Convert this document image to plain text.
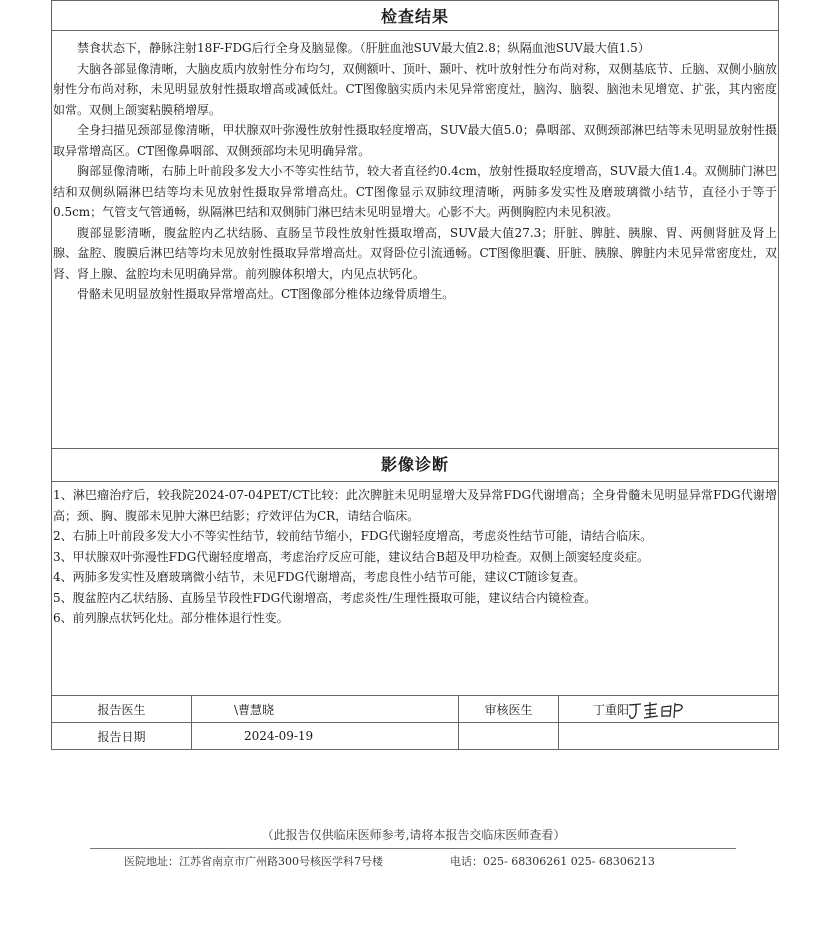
检查结果

禁食状态下，静脉注射18F-FDG后行全身及脑显像。（肝脏血池SUV最大值2.8；纵隔血池SUV最大值1.5）

大脑各部显像清晰，大脑皮质内放射性分布均匀，双侧额叶、顶叶、颞叶、枕叶放射性分布尚对称，双侧基底节、丘脑、双侧小脑放射性分布尚对称，未见明显放射性摄取增高或减低灶。CT图像脑实质内未见异常密度灶，脑沟、脑裂、脑池未见增宽、扩张，其内密度如常。双侧上颌窦粘膜稍增厚。

全身扫描见颈部显像清晰，甲状腺双叶弥漫性放射性摄取轻度增高，SUV最大值5.0；鼻咽部、双侧颈部淋巴结等未见明显放射性摄取异常增高区。CT图像鼻咽部、双侧颈部均未见明确异常。

胸部显像清晰，右肺上叶前段多发大小不等实性结节，较大者直径约0.4cm，放射性摄取轻度增高，SUV最大值1.4。双侧肺门淋巴结和双侧纵隔淋巴结等均未见放射性摄取异常增高灶。CT图像显示双肺纹理清晰，两肺多发实性及磨玻璃微小结节，直径小于等于0.5cm；气管支气管通畅，纵隔淋巴结和双侧肺门淋巴结未见明显增大。心影不大。两侧胸腔内未见积液。

腹部显影清晰，腹盆腔内乙状结肠、直肠呈节段性放射性摄取增高，SUV最大值27.3；肝脏、脾脏、胰腺、胃、两侧肾脏及肾上腺、盆腔、腹膜后淋巴结等均未见放射性摄取异常增高灶。双肾卧位引流通畅。CT图像胆囊、肝脏、胰腺、脾脏内未见异常密度灶，双肾、肾上腺、盆腔均未见明确异常。前列腺体积增大，内见点状钙化。

骨骼未见明显放射性摄取异常增高灶。CT图像部分椎体边缘骨质增生。

影像诊断

1、淋巴瘤治疗后，较我院2024-07-04PET/CT比较：此次脾脏未见明显增大及异常FDG代谢增高；全身骨髓未见明显异常FDG代谢增高；颈、胸、腹部未见肿大淋巴结影；疗效评估为CR，请结合临床。

2、右肺上叶前段多发大小不等实性结节，较前结节缩小，FDG代谢轻度增高，考虑炎性结节可能，请结合临床。

3、甲状腺双叶弥漫性FDG代谢轻度增高，考虑治疗反应可能，建议结合B超及甲功检查。双侧上颌窦轻度炎症。

4、两肺多发实性及磨玻璃微小结节，未见FDG代谢增高，考虑良性小结节可能，建议CT随诊复查。

5、腹盆腔内乙状结肠、直肠呈节段性FDG代谢增高，考虑炎性/生理性摄取可能，建议结合内镜检查。

6、前列腺点状钙化灶。部分椎体退行性变。

报告医生	\曹慧晓	审核医生	丁重阳
报告日期	2024-09-19		
（此报告仅供临床医师参考,请将本报告交临床医师查看）
医院地址：江苏省南京市广州路300号核医学科7号楼	电话：025- 68306261 025- 68306213
